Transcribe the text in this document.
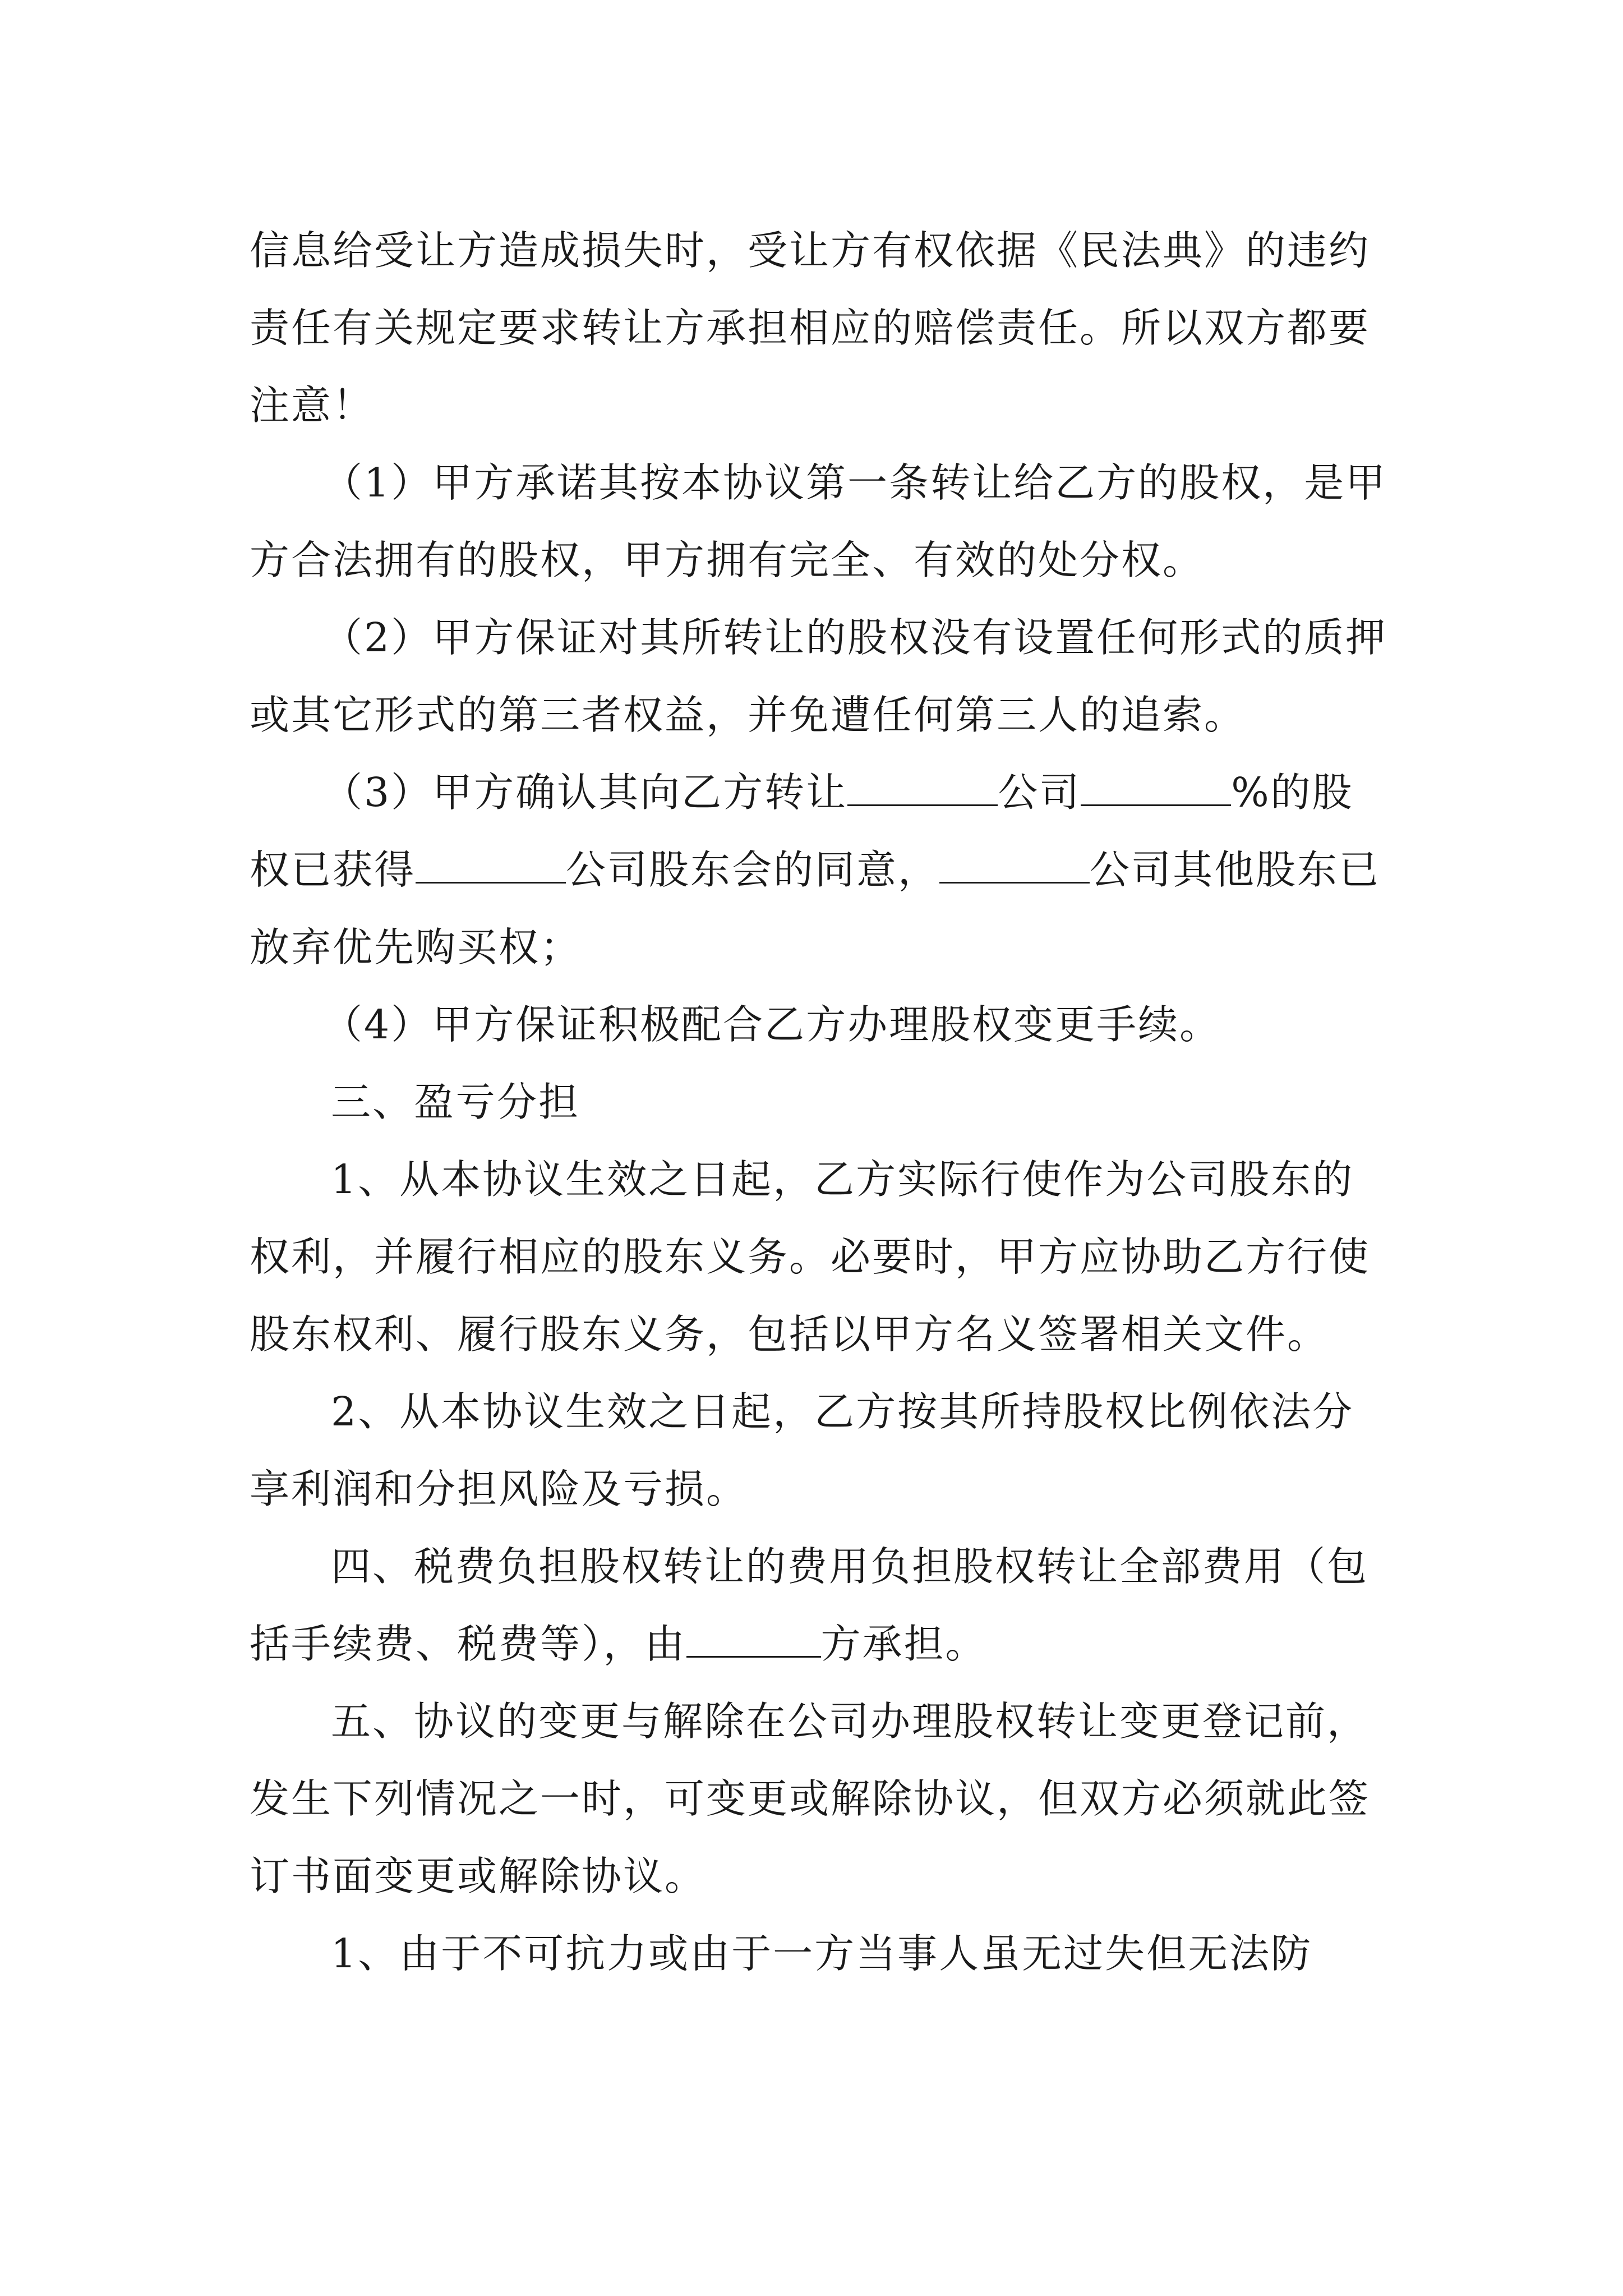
信息给受让方造成损失时，受让方有权依据《民法典》的违约责任有关规定要求转让方承担相应的赔偿责任。所以双方都要注意！

（1）甲方承诺其按本协议第一条转让给乙方的股权，是甲方合法拥有的股权，甲方拥有完全、有效的处分权。

（2）甲方保证对其所转让的股权没有设置任何形式的质押或其它形式的第三者权益，并免遭任何第三人的追索。

（3）甲方确认其向乙方转让	公司	%的股权已获得	公司股东会的同意，	公司其他股东已放弃优先购买权；

（4）甲方保证积极配合乙方办理股权变更手续。

三、盈亏分担

1、从本协议生效之日起，乙方实际行使作为公司股东的权利，并履行相应的股东义务。必要时，甲方应协助乙方行使股东权利、履行股东义务，包括以甲方名义签署相关文件。

2、从本协议生效之日起，乙方按其所持股权比例依法分享利润和分担风险及亏损。

四、税费负担股权转让的费用负担股权转让全部费用（包括手续费、税费等），由	方承担。

五、协议的变更与解除在公司办理股权转让变更登记前，发生下列情况之一时，可变更或解除协议，但双方必须就此签订书面变更或解除协议。

1、由于不可抗力或由于一方当事人虽无过失但无法防
